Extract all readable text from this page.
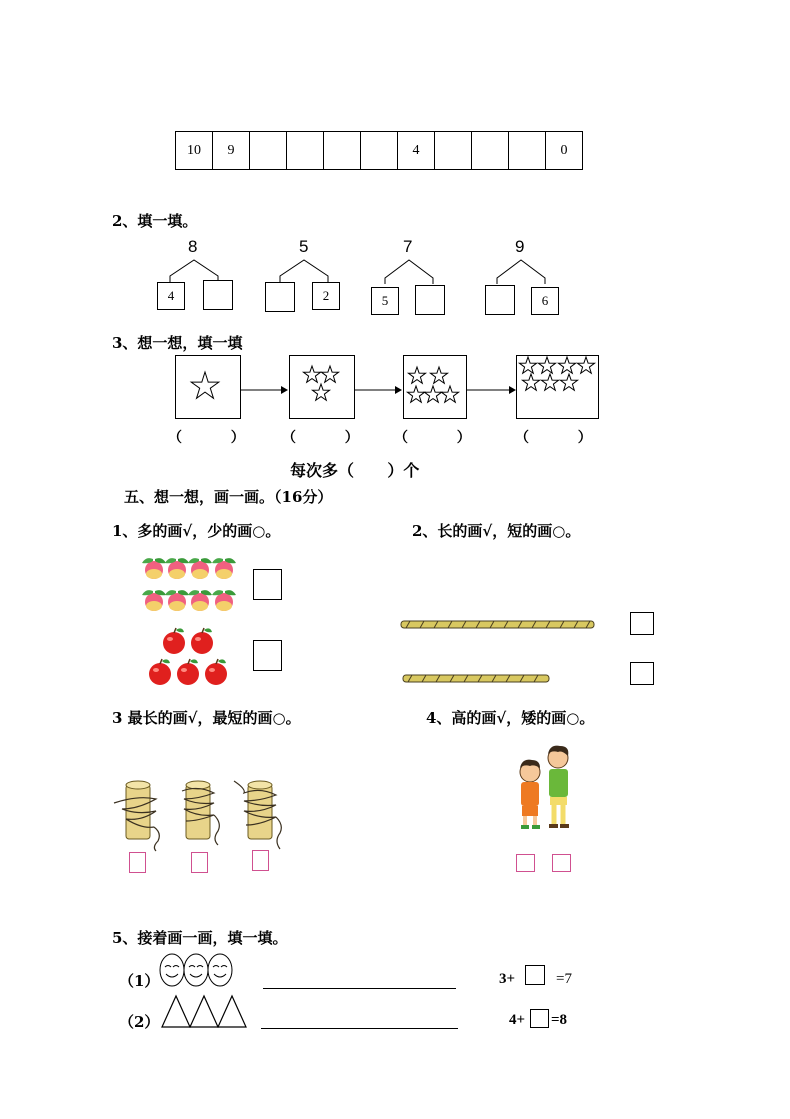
10	9					4				0
2、填一填。
8
4
5
2
7
5
9
6
3、想一想，填一填
（          ）	（          ）	（          ）	（          ）
每次多（      ）个
五、想一想，画一画。（16分）
1、多的画√，少的画○。	2、长的画√，短的画○。
3 最长的画√，最短的画○。	4、高的画√，矮的画○。
5、接着画一画，填一填。
（1）	3+	=7
（2）	4+ =8
